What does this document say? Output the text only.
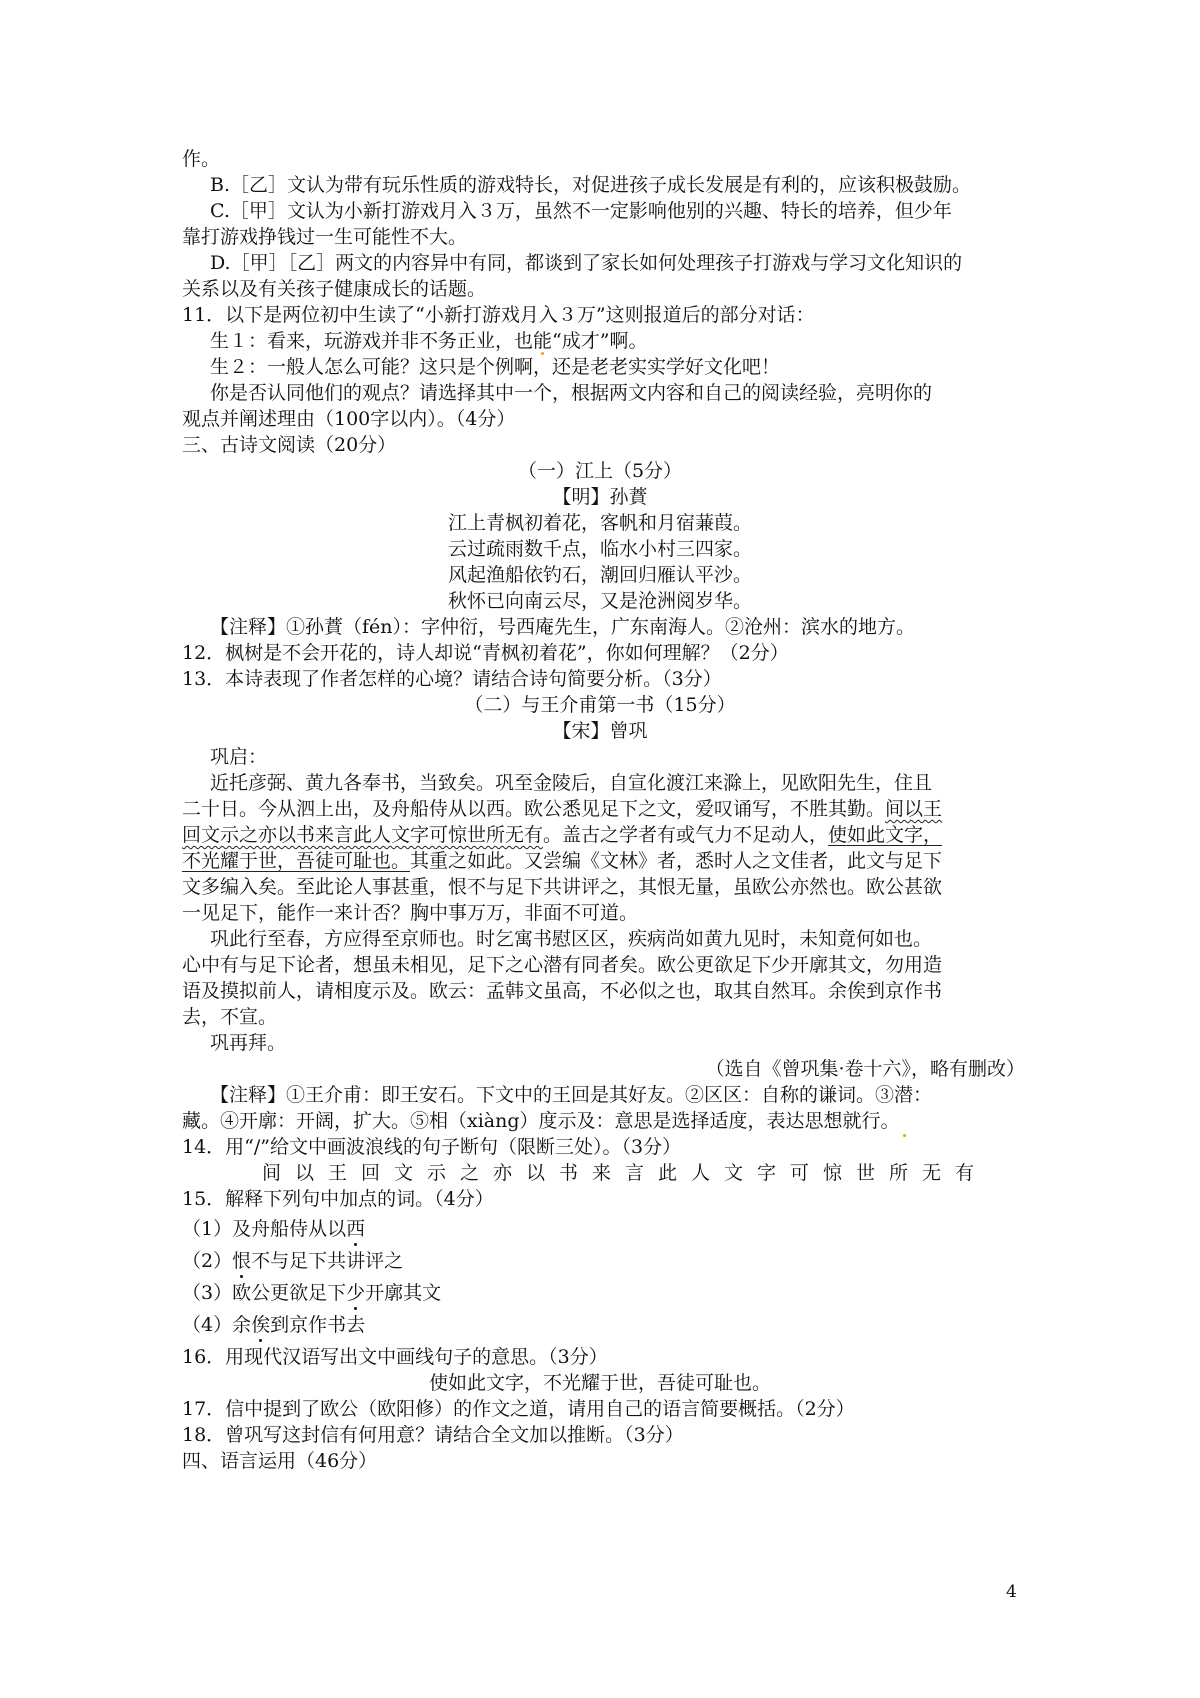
作。
B.［乙］文认为带有玩乐性质的游戏特长，对促进孩子成长发展是有利的，应该积极鼓励。
C.［甲］文认为小新打游戏月入３万，虽然不一定影响他别的兴趣、特长的培养，但少年
靠打游戏挣钱过一生可能性不大。
D.［甲］［乙］两文的内容异中有同，都谈到了家长如何处理孩子打游戏与学习文化知识的
关系以及有关孩子健康成长的话题。
11．以下是两位初中生读了“小新打游戏月入３万”这则报道后的部分对话：
生１：看来，玩游戏并非不务正业，也能“成才”啊。
生２：一般人怎么可能？这只是个例啊，还是老老实实学好文化吧！
你是否认同他们的观点？请选择其中一个，根据两文内容和自己的阅读经验，亮明你的
观点并阐述理由（100字以内）。（4分）
三、古诗文阅读（20分）
（一）江上（5分）
【明】孙蕡
江上青枫初着花，客帆和月宿蒹葭。
云过疏雨数千点，临水小村三四家。
风起渔船依钓石，潮回归雁认平沙。
秋怀已向南云尽，又是沧洲阅岁华。
【注释】①孙蕡（fén）：字仲衍，号西庵先生，广东南海人。②沧州：滨水的地方。
12．枫树是不会开花的，诗人却说“青枫初着花”，你如何理解？（2分）
13．本诗表现了作者怎样的心境？请结合诗句简要分析。（3分）
（二）与王介甫第一书（15分）
【宋】曾巩
巩启：
近托彦弼、黄九各奉书，当致矣。巩至金陵后，自宣化渡江来滁上，见欧阳先生，住且
二十日。今从泗上出，及舟船侍从以西。欧公悉见足下之文，爱叹诵写，不胜其勤。间以王
回文示之亦以书来言此人文字可惊世所无有。盖古之学者有或气力不足动人，使如此文字，
不光耀于世，吾徒可耻也。其重之如此。又尝编《文林》者，悉时人之文佳者，此文与足下
文多编入矣。至此论人事甚重，恨不与足下共讲评之，其恨无量，虽欧公亦然也。欧公甚欲
一见足下，能作一来计否？胸中事万万，非面不可道。
巩此行至春，方应得至京师也。时乞寓书慰区区，疾病尚如黄九见时，未知竟何如也。
心中有与足下论者，想虽未相见，足下之心潜有同者矣。欧公更欲足下少开廓其文，勿用造
语及摸拟前人，请相度示及。欧云：孟韩文虽高，不必似之也，取其自然耳。余俟到京作书
去，不宣。
巩再拜。
（选自《曾巩集·卷十六》，略有删改）
【注释】①王介甫：即王安石。下文中的王回是其好友。②区区：自称的谦词。③潜：
藏。④开廓：开阔，扩大。⑤相（xiàng）度示及：意思是选择适度，表达思想就行。
14．用“/”给文中画波浪线的句子断句（限断三处）。（3分）
间以王回文示之亦以书来言此人文字可惊世所无有
15．解释下列句中加点的词。（4分）
（1）及舟船侍从以西
（2）恨不与足下共讲评之
（3）欧公更欲足下少开廓其文
（4）余俟到京作书去
16．用现代汉语写出文中画线句子的意思。（3分）
使如此文字，不光耀于世，吾徒可耻也。
17．信中提到了欧公（欧阳修）的作文之道，请用自己的语言简要概括。（2分）
18．曾巩写这封信有何用意？请结合全文加以推断。（3分）
四、语言运用（46分）
4
